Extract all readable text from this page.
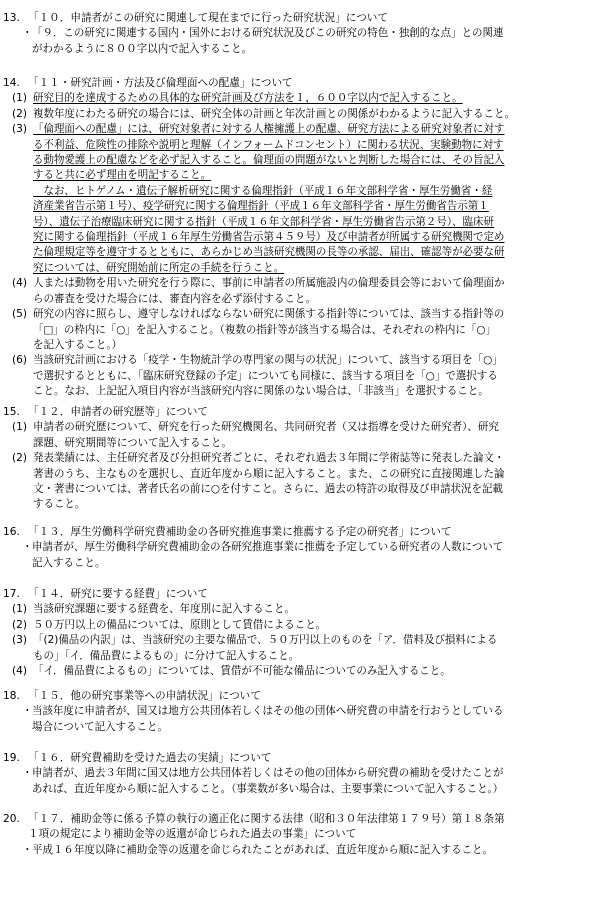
13. 「１０．申請者がこの研究に関連して現在までに行った研究状況」について
・ 「９．この研究に関連する国内・国外における研究状況及びこの研究の特色・独創的な点」との関連
がわかるように８００字以内で記入すること。
14. 「１１・研究計画・方法及び倫理面への配慮」について
(1) 研究目的を達成するための具体的な研究計画及び方法を１，６００字以内で記入すること。
(2) 複数年度にわたる研究の場合には、研究全体の計画と年次計画との関係がわかるように記入すること。
(3) 「倫理面への配慮」には、研究対象者に対する人権擁護上の配慮、研究方法による研究対象者に対す
る不利益、危険性の排除や説明と理解（インフォームドコンセント）に関わる状況、実験動物に対す
る動物愛護上の配慮などを必ず記入すること。倫理面の問題がないと判断した場合には、その旨記入
すると共に必ず理由を明記すること。
　なお、ヒトゲノム・遺伝子解析研究に関する倫理指針（平成１６年文部科学省・厚生労働省・経
済産業省告示第１号）、疫学研究に関する倫理指針（平成１６年文部科学省・厚生労働省告示第１
号）、遺伝子治療臨床研究に関する指針（平成１６年文部科学省・厚生労働省告示第２号）、臨床研
究に関する倫理指針（平成１６年厚生労働省告示第４５９号）及び申請者が所属する研究機関で定め
た倫理規定等を遵守するとともに、あらかじめ当該研究機関の長等の承認、届出、確認等が必要な研
究については、研究開始前に所定の手続を行うこと。
(4) 人または動物を用いた研究を行う際に、事前に申請者の所属施設内の倫理委員会等において倫理面か
らの審査を受けた場合には、審査内容を必ず添付すること。
(5) 研究の内容に照らし、遵守しなければならない研究に関係する指針等については、該当する指針等の
「□」の枠内に「○」を記入すること。（複数の指針等が該当する場合は、それぞれの枠内に「○」
を記入すること。）
(6) 当該研究計画における「疫学・生物統計学の専門家の関与の状況」について、該当する項目を「○」
で選択するとともに、「臨床研究登録の予定」についても同様に、該当する項目を「○」で選択する
こと。なお、上記記入項目内容が当該研究内容に関係のない場合は、「非該当」を選択すること。
15. 「１２．申請者の研究歴等」について
(1) 申請者の研究歴について、研究を行った研究機関名、共同研究者（又は指導を受けた研究者）、研究
課題、研究期間等について記入すること。
(2) 発表業績には、主任研究者及び分担研究者ごとに、それぞれ過去３年間に学術誌等に発表した論文・
著書のうち、主なものを選択し、直近年度から順に記入すること。また、この研究に直接関連した論
文・著書については、著者氏名の前に○を付すこと。さらに、過去の特許の取得及び申請状況を記載
すること。
16. 「１３．厚生労働科学研究費補助金の各研究推進事業に推薦する予定の研究者」について
・ 申請者が、厚生労働科学研究費補助金の各研究推進事業に推薦を予定している研究者の人数について
記入すること。
17. 「１４．研究に要する経費」について
(1) 当該研究課題に要する経費を、年度別に記入すること。
(2) ５０万円以上の備品については、原則として賃借によること。
(3) 「(2)備品の内訳」は、当該研究の主要な備品で、５０万円以上のものを「ア．借料及び損料による
もの」「イ．備品費によるもの」に分けて記入すること。
(4) 「イ．備品費によるもの」については、賃借が不可能な備品についてのみ記入すること。
18. 「１５．他の研究事業等への申請状況」について
・ 当該年度に申請者が、国又は地方公共団体若しくはその他の団体へ研究費の申請を行おうとしている
場合について記入すること。
19. 「１６．研究費補助を受けた過去の実績」について
・ 申請者が、過去３年間に国又は地方公共団体若しくはその他の団体から研究費の補助を受けたことが
あれば、直近年度から順に記入すること。（事業数が多い場合は、主要事業について記入すること。）
20. 「１７．補助金等に係る予算の執行の適正化に関する法律（昭和３０年法律第１７９号）第１８条第
１項の規定により補助金等の返還が命じられた過去の事業」について
・ 平成１６年度以降に補助金等の返還を命じられたことがあれば、直近年度から順に記入すること。
